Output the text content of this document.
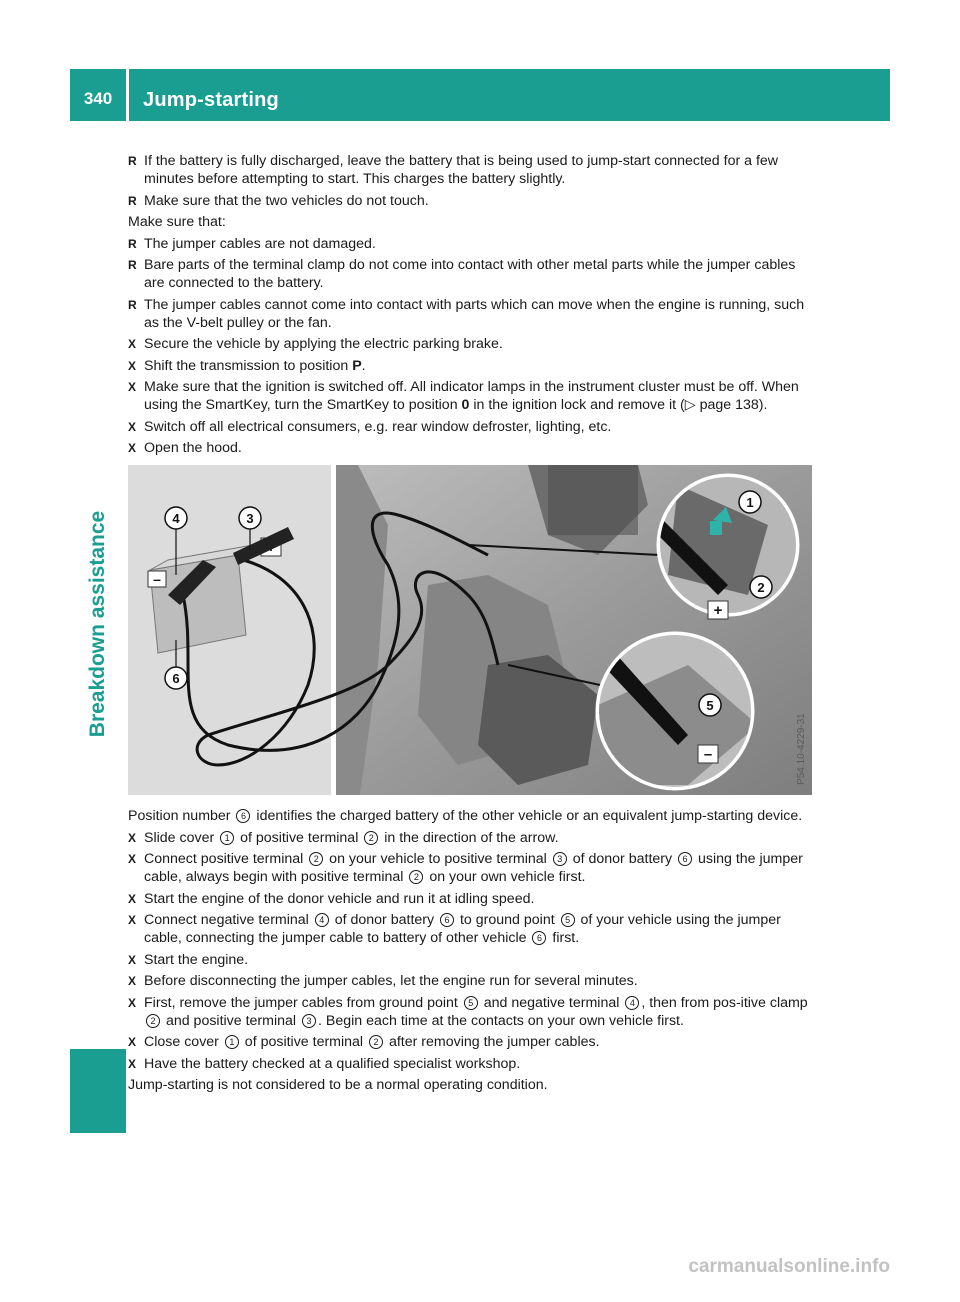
340	Jump-starting
Breakdown assistance
R If the battery is fully discharged, leave the battery that is being used to jump-start connected for a few minutes before attempting to start. This charges the battery slightly.
R Make sure that the two vehicles do not touch.
Make sure that:
R The jumper cables are not damaged.
R Bare parts of the terminal clamp do not come into contact with other metal parts while the jumper cables are connected to the battery.
R The jumper cables cannot come into contact with parts which can move when the engine is running, such as the V-belt pulley or the fan.
X Secure the vehicle by applying the electric parking brake.
X Shift the transmission to position P.
X Make sure that the ignition is switched off. All indicator lamps in the instrument cluster must be off. When using the SmartKey, turn the SmartKey to position 0 in the ignition lock and remove it (▷ page 138).
X Switch off all electrical consumers, e.g. rear window defroster, lighting, etc.
X Open the hood.
–
+
–
1
2
3
4
5
6
P54.10-4229-31
Position number 6 identifies the charged battery of the other vehicle or an equivalent jump-starting device.
X Slide cover 1 of positive terminal 2 in the direction of the arrow.
X Connect positive terminal 2 on your vehicle to positive terminal 3 of donor battery 6 using the jumper cable, always begin with positive terminal 2 on your own vehicle first.
X Start the engine of the donor vehicle and run it at idling speed.
X Connect negative terminal 4 of donor battery 6 to ground point 5 of your vehicle using the jumper cable, connecting the jumper cable to battery of other vehicle 6 first.
X Start the engine.
X Before disconnecting the jumper cables, let the engine run for several minutes.
X First, remove the jumper cables from ground point 5 and negative terminal 4 , then from pos-itive clamp 2 and positive terminal 3 . Begin each time at the contacts on your own vehicle first.
X Close cover 1 of positive terminal 2 after removing the jumper cables.
X Have the battery checked at a qualified specialist workshop.
Jump-starting is not considered to be a normal operating condition.
carmanualsonline.info
